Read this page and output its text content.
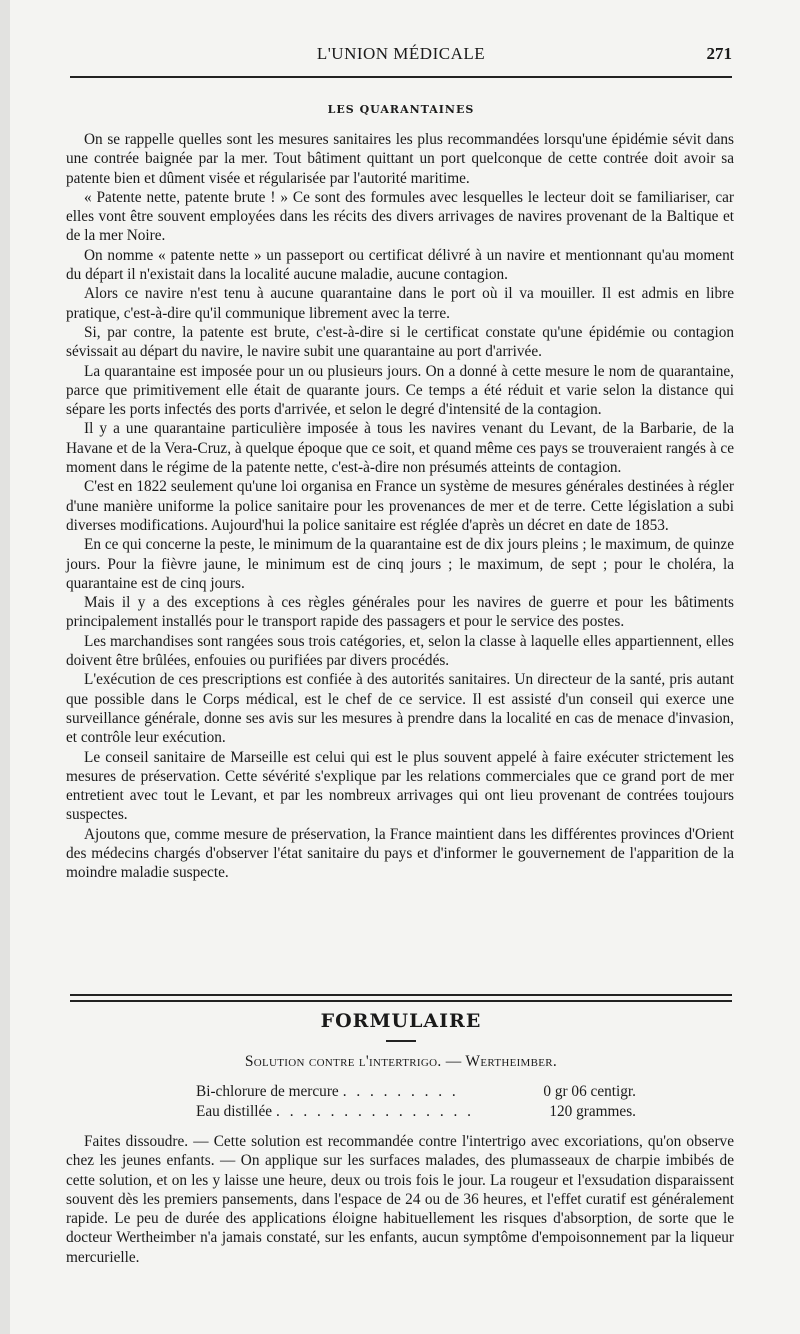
L'UNION MÉDICALE	271
LES QUARANTAINES

On se rappelle quelles sont les mesures sanitaires les plus recommandées lorsqu'une épidémie sévit dans une contrée baignée par la mer. Tout bâtiment quittant un port quelconque de cette contrée doit avoir sa patente bien et dûment visée et régularisée par l'autorité maritime.

« Patente nette, patente brute ! » Ce sont des formules avec lesquelles le lecteur doit se familiariser, car elles vont être souvent employées dans les récits des divers arrivages de navires provenant de la Baltique et de la mer Noire.

On nomme « patente nette » un passeport ou certificat délivré à un navire et mentionnant qu'au moment du départ il n'existait dans la localité aucune maladie, aucune contagion.

Alors ce navire n'est tenu à aucune quarantaine dans le port où il va mouiller. Il est admis en libre pratique, c'est-à-dire qu'il communique librement avec la terre.

Si, par contre, la patente est brute, c'est-à-dire si le certificat constate qu'une épidémie ou contagion sévissait au départ du navire, le navire subit une quarantaine au port d'arrivée.

La quarantaine est imposée pour un ou plusieurs jours. On a donné à cette mesure le nom de quarantaine, parce que primitivement elle était de quarante jours. Ce temps a été réduit et varie selon la distance qui sépare les ports infectés des ports d'arrivée, et selon le degré d'intensité de la contagion.

Il y a une quarantaine particulière imposée à tous les navires venant du Levant, de la Barbarie, de la Havane et de la Vera-Cruz, à quelque époque que ce soit, et quand même ces pays se trouveraient rangés à ce moment dans le régime de la patente nette, c'est-à-dire non présumés atteints de contagion.

C'est en 1822 seulement qu'une loi organisa en France un système de mesures générales destinées à régler d'une manière uniforme la police sanitaire pour les provenances de mer et de terre. Cette législation a subi diverses modifications. Aujourd'hui la police sanitaire est réglée d'après un décret en date de 1853.

En ce qui concerne la peste, le minimum de la quarantaine est de dix jours pleins ; le maximum, de quinze jours. Pour la fièvre jaune, le minimum est de cinq jours ; le maximum, de sept ; pour le choléra, la quarantaine est de cinq jours.

Mais il y a des exceptions à ces règles générales pour les navires de guerre et pour les bâtiments principalement installés pour le transport rapide des passagers et pour le service des postes.

Les marchandises sont rangées sous trois catégories, et, selon la classe à laquelle elles appartiennent, elles doivent être brûlées, enfouies ou purifiées par divers procédés.

L'exécution de ces prescriptions est confiée à des autorités sanitaires. Un directeur de la santé, pris autant que possible dans le Corps médical, est le chef de ce service. Il est assisté d'un conseil qui exerce une surveillance générale, donne ses avis sur les mesures à prendre dans la localité en cas de menace d'invasion, et contrôle leur exécution.

Le conseil sanitaire de Marseille est celui qui est le plus souvent appelé à faire exécuter strictement les mesures de préservation. Cette sévérité s'explique par les relations commerciales que ce grand port de mer entretient avec tout le Levant, et par les nombreux arrivages qui ont lieu provenant de contrées toujours suspectes.

Ajoutons que, comme mesure de préservation, la France maintient dans les différentes provinces d'Orient des médecins chargés d'observer l'état sanitaire du pays et d'informer le gouvernement de l'apparition de la moindre maladie suspecte.

FORMULAIRE
Solution contre l'intertrigo. — Wertheimber.
Bi-chlorure de mercure . . . . . . . . .	0 gr 06 centigr.
Eau distillée . . . . . . . . . . . . . . .	120 grammes.

Faites dissoudre. — Cette solution est recommandée contre l'intertrigo avec excoriations, qu'on observe chez les jeunes enfants. — On applique sur les surfaces malades, des plumasseaux de charpie imbibés de cette solution, et on les y laisse une heure, deux ou trois fois le jour. La rougeur et l'exsudation disparaissent souvent dès les premiers pansements, dans l'espace de 24 ou de 36 heures, et l'effet curatif est généralement rapide. Le peu de durée des applications éloigne habituellement les risques d'absorption, de sorte que le docteur Wertheimber n'a jamais constaté, sur les enfants, aucun symptôme d'empoisonnement par la liqueur mercurielle.
